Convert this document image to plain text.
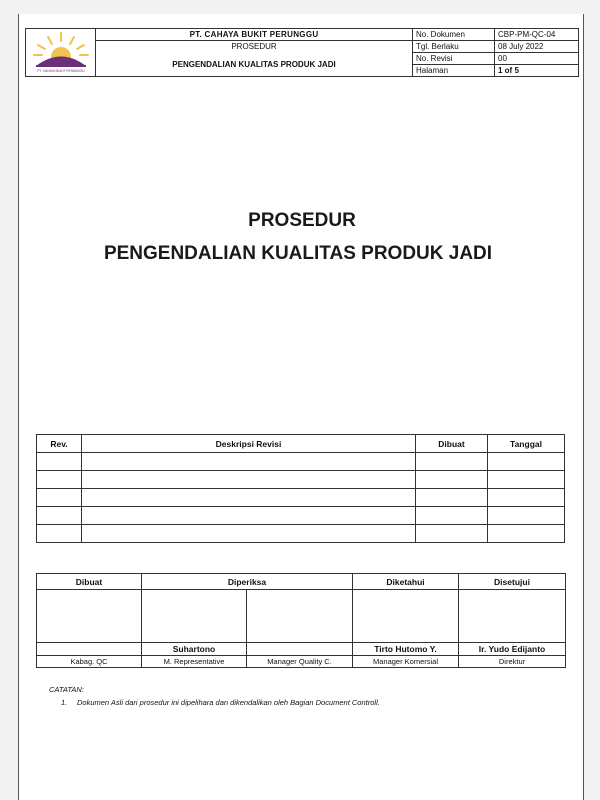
PT. CAHAYA BUKIT PERUNGGU	PT. CAHAYA BUKIT PERUNGGU	No. Dokumen	CBP-PM-QC-04
	PROSEDUR	Tgl. Berlaku	08 July 2022
	PENGENDALIAN KUALITAS PRODUK JADI	No. Revisi	00
		Halaman	1 of 5
PROSEDUR
PENGENDALIAN KUALITAS PRODUK JADI
Rev.	Deskripsi Revisi	Dibuat	Tanggal

Dibuat	Diperiksa		Diketahui	Disetujui

	Suhartono		Tirto Hutomo Y.	Ir. Yudo Edijanto
Kabag. QC	M. Representative	Manager Quality C.	Manager Komersial	Direktur
CATATAN:
1. Dokumen Asli dari prosedur ini dipelihara dan dikendalikan oleh Bagian Document Controll.
